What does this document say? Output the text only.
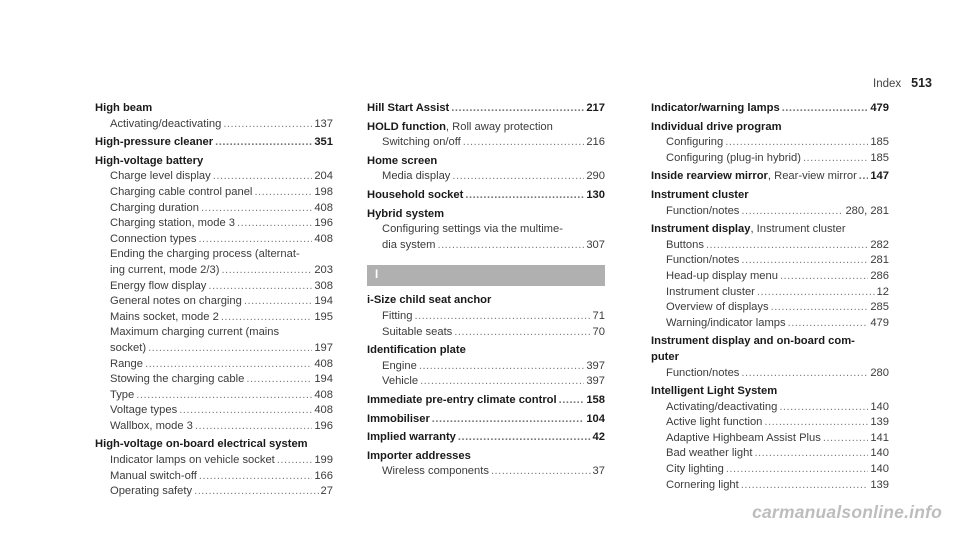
Index 513
High beam
Activating/deactivating .....	137
High-pressure cleaner .....	351
High-voltage battery
Charge level display .....	204
Charging cable control panel .....	198
Charging duration .....	408
Charging station, mode 3 .....	196
Connection types .....	408
Ending the charging process (alternat-
ing current, mode 2/3) .....	203
Energy flow display .....	308
General notes on charging .....	194
Mains socket, mode 2 .....	195
Maximum charging current (mains
socket) .....	197
Range .....	408
Stowing the charging cable .....	194
Type .....	408
Voltage types .....	408
Wallbox, mode 3 .....	196
High-voltage on-board electrical system
Indicator lamps on vehicle socket .....	199
Manual switch-off .....	166
Operating safety .....	27
Hill Start Assist .....	217
HOLD function, Roll away protection
Switching on/off .....	216
Home screen
Media display .....	290
Household socket .....	130
Hybrid system
Configuring settings via the multime-
dia system .....	307
I
i-Size child seat anchor
Fitting .....	71
Suitable seats .....	70
Identification plate
Engine .....	397
Vehicle .....	397
Immediate pre-entry climate control .....	158
Immobiliser .....	104
Implied warranty .....	42
Importer addresses
Wireless components .....	37
Indicator/warning lamps .....	479
Individual drive program
Configuring .....	185
Configuring (plug-in hybrid) .....	185
Inside rearview mirror, Rear-view mirror ..... 147
Instrument cluster
Function/notes .....	280, 281
Instrument display, Instrument cluster
Buttons .....	282
Function/notes .....	281
Head-up display menu .....	286
Instrument cluster .....	12
Overview of displays .....	285
Warning/indicator lamps .....	479
Instrument display and on-board com-
puter
Function/notes .....	280
Intelligent Light System
Activating/deactivating .....	140
Active light function .....	139
Adaptive Highbeam Assist Plus .....	141
Bad weather light .....	140
City lighting .....	140
Cornering light .....	139
carmanualsonline.info
